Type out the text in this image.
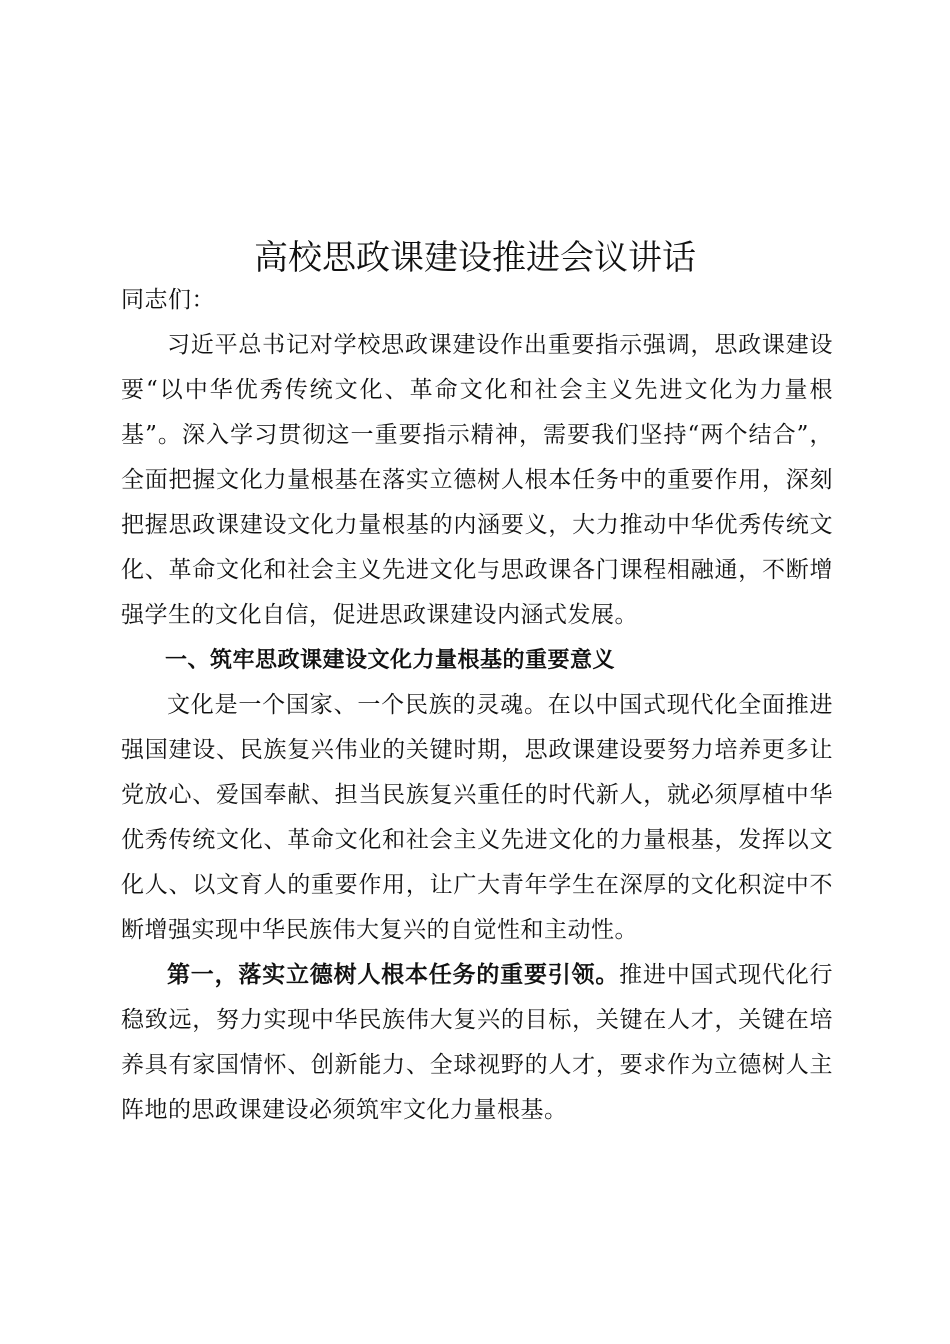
高校思政课建设推进会议讲话

同志们：

习近平总书记对学校思政课建设作出重要指示强调，思政课建设要“以中华优秀传统文化、革命文化和社会主义先进文化为力量根基”。深入学习贯彻这一重要指示精神，需要我们坚持“两个结合”，全面把握文化力量根基在落实立德树人根本任务中的重要作用，深刻把握思政课建设文化力量根基的内涵要义，大力推动中华优秀传统文化、革命文化和社会主义先进文化与思政课各门课程相融通，不断增强学生的文化自信，促进思政课建设内涵式发展。

一、筑牢思政课建设文化力量根基的重要意义

文化是一个国家、一个民族的灵魂。在以中国式现代化全面推进强国建设、民族复兴伟业的关键时期，思政课建设要努力培养更多让党放心、爱国奉献、担当民族复兴重任的时代新人，就必须厚植中华优秀传统文化、革命文化和社会主义先进文化的力量根基，发挥以文化人、以文育人的重要作用，让广大青年学生在深厚的文化积淀中不断增强实现中华民族伟大复兴的自觉性和主动性。

第一，落实立德树人根本任务的重要引领。推进中国式现代化行稳致远，努力实现中华民族伟大复兴的目标，关键在人才，关键在培养具有家国情怀、创新能力、全球视野的人才，要求作为立德树人主阵地的思政课建设必须筑牢文化力量根基。
